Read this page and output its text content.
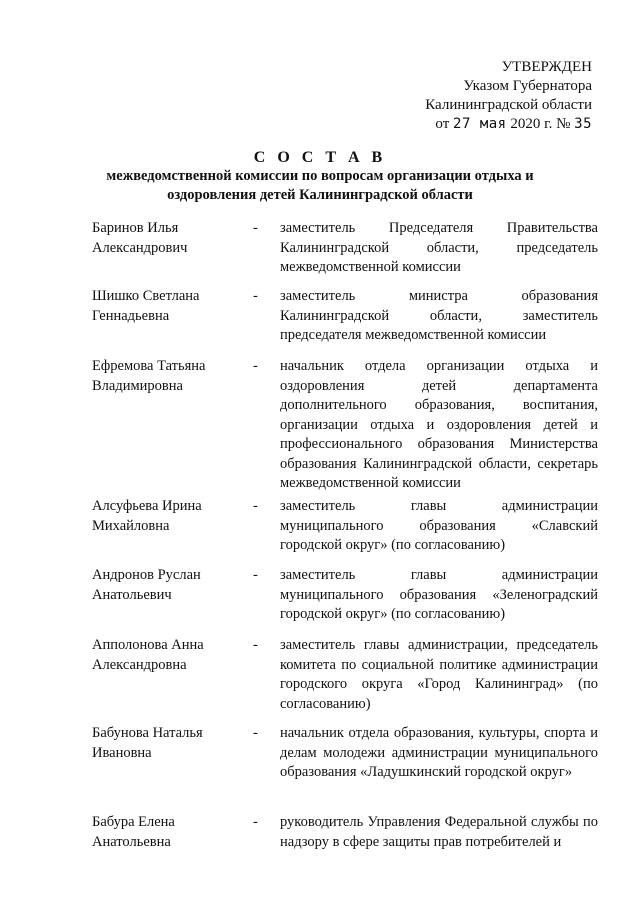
УТВЕРЖДЕН
Указом Губернатора
Калининградской области
от 27 мая 2020 г. № 35
С О С Т А В
межведомственной комиссии по вопросам организации отдыха и оздоровления детей Калининградской области
Баринов Илья Александрович
- заместитель Председателя Правительства Калининградской области, председатель межведомственной комиссии
Шишко Светлана Геннадьевна
- заместитель министра образования Калининградской области, заместитель председателя межведомственной комиссии
Ефремова Татьяна Владимировна
- начальник отдела организации отдыха и оздоровления детей департамента дополнительного образования, воспитания, организации отдыха и оздоровления детей и профессионального образования Министерства образования Калининградской области, секретарь межведомственной комиссии
Алсуфьева Ирина Михайловна
- заместитель главы администрации муниципального образования «Славский городской округ» (по согласованию)
Андронов Руслан Анатольевич
- заместитель главы администрации муниципального образования «Зеленоградский городской округ» (по согласованию)
Апполонова Анна Александровна
- заместитель главы администрации, председатель комитета по социальной политике администрации городского округа «Город Калининград» (по согласованию)
Бабунова Наталья Ивановна
- начальник отдела образования, культуры, спорта и делам молодежи администрации муниципального образования «Ладушкинский городской округ»
Бабура Елена Анатольевна
- руководитель Управления Федеральной службы по надзору в сфере защиты прав потребителей и
